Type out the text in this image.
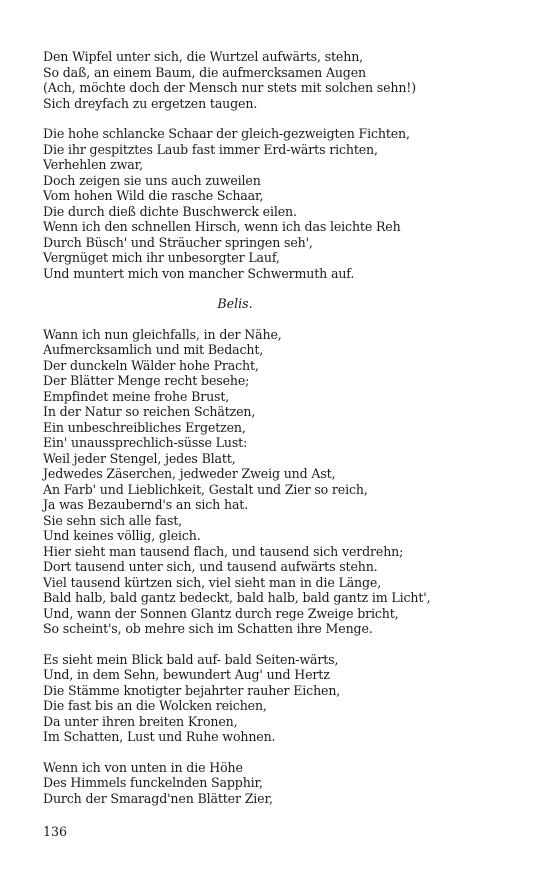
Den Wipfel unter sich, die Wurtzel aufwärts, stehn,
So daß, an einem Baum, die aufmercksamen Augen
(Ach, möchte doch der Mensch nur stets mit solchen sehn!)
Sich dreyfach zu ergetzen taugen.
Die hohe schlancke Schaar der gleich-gezweigten Fichten,
Die ihr gespitztes Laub fast immer Erd-wärts richten,
Verhehlen zwar,
Doch zeigen sie uns auch zuweilen
Vom hohen Wild die rasche Schaar,
Die durch dieß dichte Buschwerck eilen.
Wenn ich den schnellen Hirsch, wenn ich das leichte Reh
Durch Büsch' und Sträucher springen seh',
Vergnüget mich ihr unbesorgter Lauf,
Und muntert mich von mancher Schwermuth auf.
Belis.
Wann ich nun gleichfalls, in der Nähe,
Aufmercksamlich und mit Bedacht,
Der dunckeln Wälder hohe Pracht,
Der Blätter Menge recht besehe;
Empfindet meine frohe Brust,
In der Natur so reichen Schätzen,
Ein unbeschreibliches Ergetzen,
Ein' unaussprechlich-süsse Lust:
Weil jeder Stengel, jedes Blatt,
Jedwedes Zäserchen, jedweder Zweig und Ast,
An Farb' und Lieblichkeit, Gestalt und Zier so reich,
Ja was Bezaubernd's an sich hat.
Sie sehn sich alle fast,
Und keines völlig, gleich.
Hier sieht man tausend flach, und tausend sich verdrehn;
Dort tausend unter sich, und tausend aufwärts stehn.
Viel tausend kürtzen sich, viel sieht man in die Länge,
Bald halb, bald gantz bedeckt, bald halb, bald gantz im Licht',
Und, wann der Sonnen Glantz durch rege Zweige bricht,
So scheint's, ob mehre sich im Schatten ihre Menge.
Es sieht mein Blick bald auf- bald Seiten-wärts,
Und, in dem Sehn, bewundert Aug' und Hertz
Die Stämme knotigter bejahrter rauher Eichen,
Die fast bis an die Wolcken reichen,
Da unter ihren breiten Kronen,
Im Schatten, Lust und Ruhe wohnen.
Wenn ich von unten in die Höhe
Des Himmels funckelnden Sapphir,
Durch der Smaragd'nen Blätter Zier,
136
